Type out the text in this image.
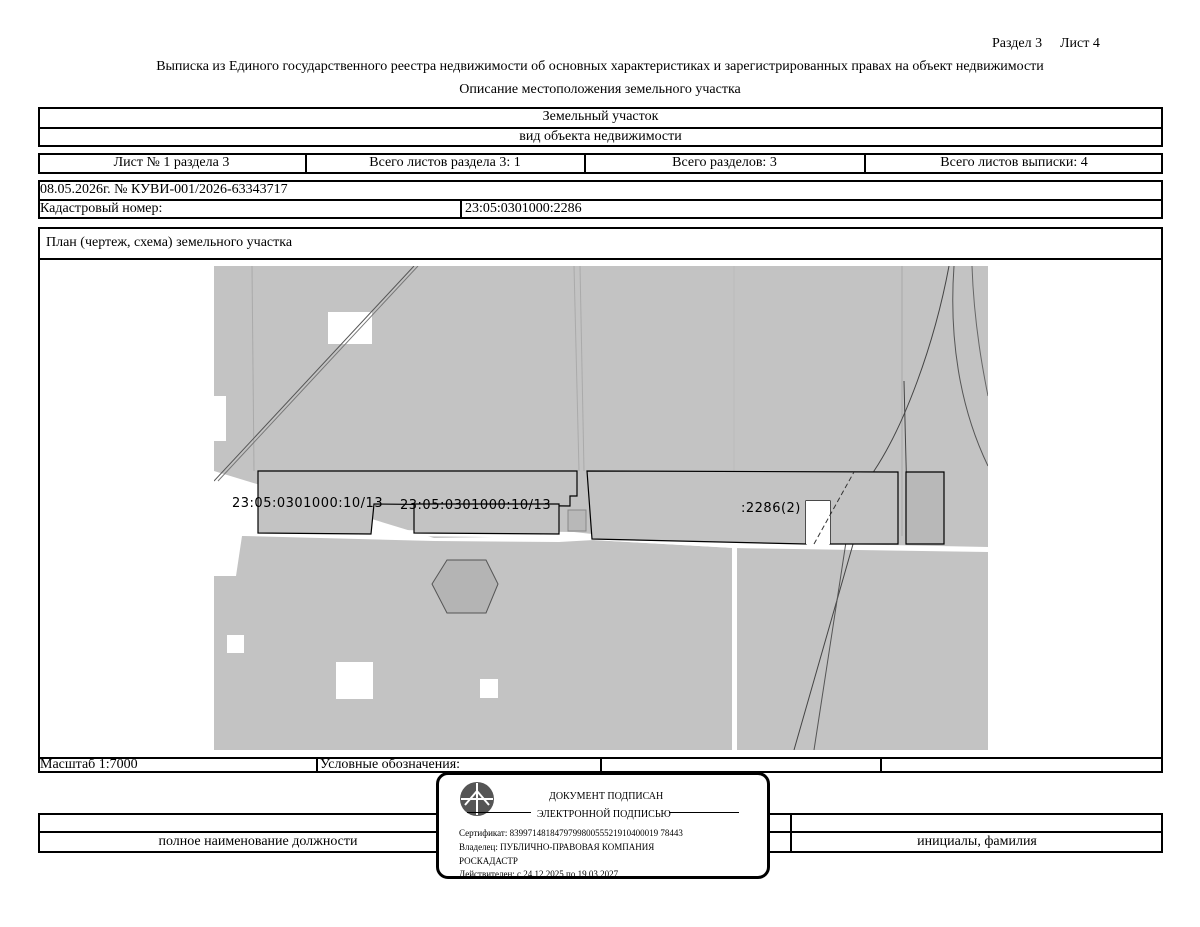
Раздел 3 Лист 4
Выписка из Единого государственного реестра недвижимости об основных характеристиках и зарегистрированных правах на объект недвижимости
Описание местоположения земельного участка
Земельный участок
вид объекта недвижимости
Лист № 1 раздела 3	Всего листов раздела 3: 1	Всего разделов: 3	Всего листов выписки: 4
08.05.2026г. № КУВИ-001/2026-63343717
Кадастровый номер:	23:05:0301000:2286
План (чертеж, схема) земельного участка
23:05:0301000:10/13 23:05:0301000:10/13	:2286(2)
Масштаб 1:7000	Условные обозначения:
полное наименование должности	инициалы, фамилия
ДОКУМЕНТ ПОДПИСАН
ЭЛЕКТРОННОЙ ПОДПИСЬЮ
Сертификат: 839971481847979980055521910400019 78443
Владелец: ПУБЛИЧНО-ПРАВОВАЯ КОМПАНИЯ
РОСКАДАСТР
Действителен: с 24.12.2025 по 19.03.2027
